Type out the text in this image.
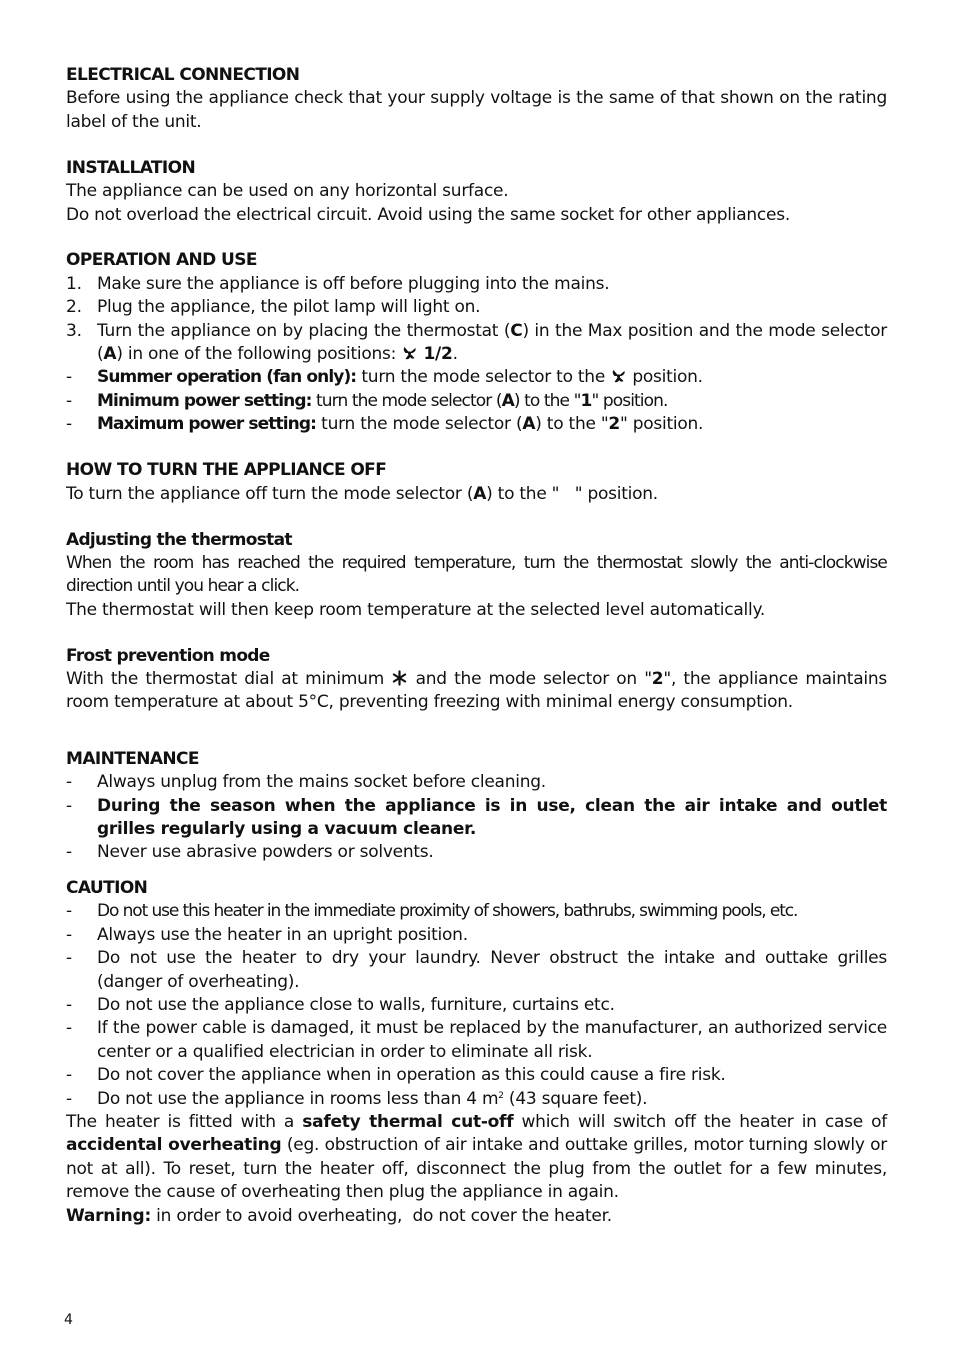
ELECTRICAL CONNECTION

Before using the appliance check that your supply voltage is the same of that shown on the rating label of the unit.

INSTALLATION

The appliance can be used on any horizontal surface.

Do not overload the electrical circuit. Avoid using the same socket for other appliances.

OPERATION AND USE
1. Make sure the appliance is off before plugging into the mains.
2. Plug the appliance, the pilot lamp will light on.
3. Turn the appliance on by placing the thermostat (C) in the Max position and the mode selector (A) in one of the following positions:  1/2.
- Summer operation (fan only): turn the mode selector to the  position.
- Minimum power setting: turn the mode selector (A) to the "1" position.
- Maximum power setting: turn the mode selector (A) to the "2" position.
HOW TO TURN THE APPLIANCE OFF

To turn the appliance off turn the mode selector (A) to the "   " position.

Adjusting the thermostat

When the room has reached the required temperature, turn the thermostat slowly the anti-clockwise direction until you hear a click.

The thermostat will then keep room temperature at the selected level automatically.

Frost prevention mode

With the thermostat dial at minimum  and the mode selector on "2", the appliance maintains room temperature at about 5°C, preventing freezing with minimal energy consumption.

MAINTENANCE
- Always unplug from the mains socket before cleaning.
- During the season when the appliance is in use, clean the air intake and outlet grilles regularly using a vacuum cleaner.
- Never use abrasive powders or solvents.
CAUTION
- Do not use this heater in the immediate proximity of showers, bathrubs, swimming pools, etc.
- Always use the heater in an upright position.
- Do not use the heater to dry your laundry. Never obstruct the intake and outtake grilles (danger of overheating).
- Do not use the appliance close to walls, furniture, curtains etc.
- If the power cable is damaged, it must be replaced by the manufacturer, an authorized service center or a qualified electrician in order to eliminate all risk.
- Do not cover the appliance when in operation as this could cause a fire risk.
- Do not use the appliance in rooms less than 4 $m^2$ (43 square feet).

The heater is fitted with a safety thermal cut-off which will switch off the heater in case of accidental overheating (eg. obstruction of air intake and outtake grilles, motor turning slowly or not at all). To reset, turn the heater off, disconnect the plug from the outlet for a few minutes, remove the cause of overheating then plug the appliance in again.

Warning: in order to avoid overheating,  do not cover the heater.

4
